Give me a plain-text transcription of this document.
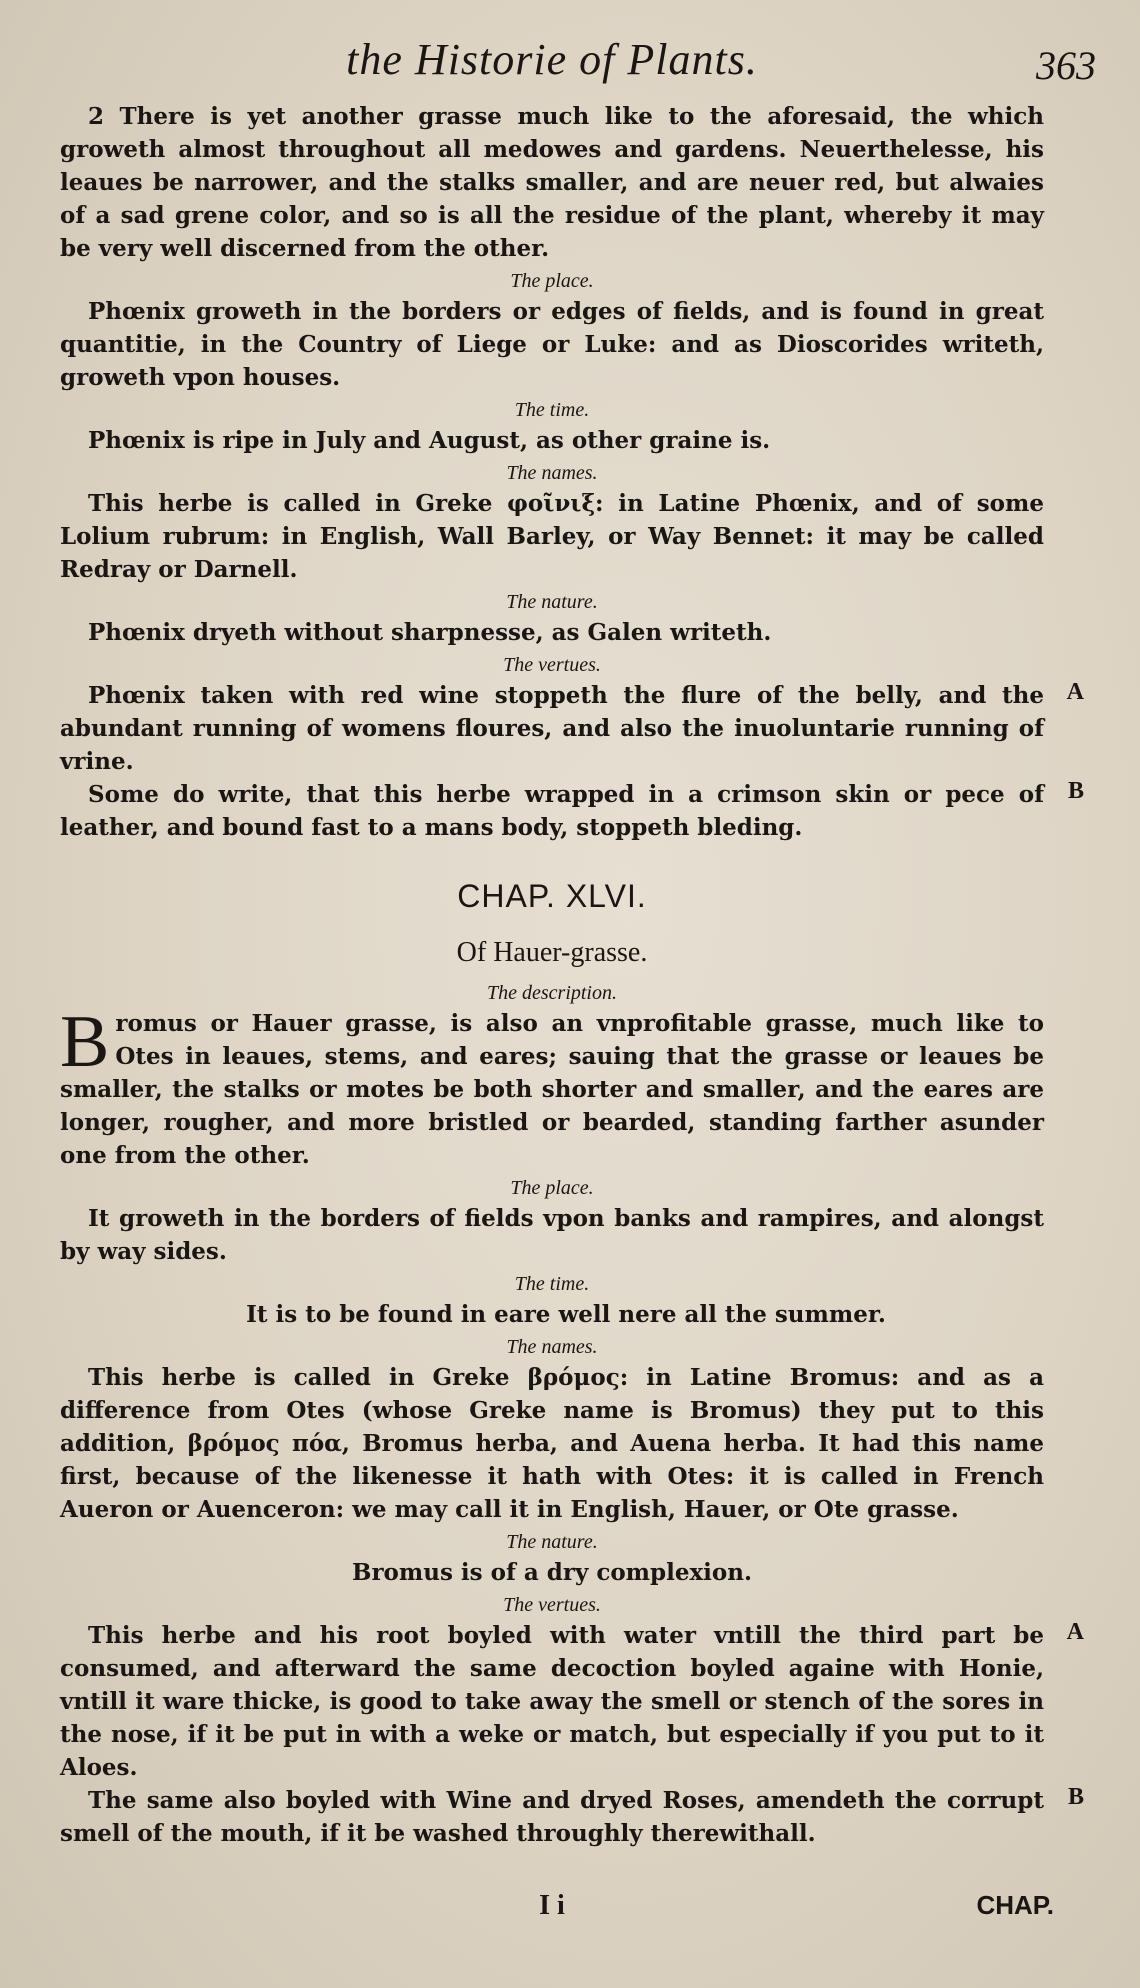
the Historie of Plants.	363

2 There is yet another grasse much like to the aforesaid, the which groweth almost throughout all medowes and gardens. Neuerthelesse, his leaues be narrower, and the stalks smaller, and are neuer red, but alwaies of a sad grene color, and so is all the residue of the plant, whereby it may be very well discerned from the other.

The place.

Phœnix groweth in the borders or edges of fields, and is found in great quantitie, in the Country of Liege or Luke: and as Dioscorides writeth, groweth vpon houses.

The time.

Phœnix is ripe in July and August, as other graine is.

The names.

This herbe is called in Greke φοῖνιξ: in Latine Phœnix, and of some Lolium rubrum: in English, Wall Barley, or Way Bennet: it may be called Redray or Darnell.

The nature.

Phœnix dryeth without sharpnesse, as Galen writeth.

The vertues.

Phœnix taken with red wine stoppeth the flure of the belly, and the abundant running of womens floures, and also the inuoluntarie running of vrine.

A

Some do write, that this herbe wrapped in a crimson skin or pece of leather, and bound fast to a mans body, stoppeth bleding.

B
CHAP. XLVI.
Of Hauer-grasse.
The description.

Bromus or Hauer grasse, is also an vnprofitable grasse, much like to Otes in leaues, stems, and eares; sauing that the grasse or leaues be smaller, the stalks or motes be both shorter and smaller, and the eares are longer, rougher, and more bristled or bearded, standing farther asunder one from the other.

The place.

It groweth in the borders of fields vpon banks and rampires, and alongst by way sides.

The time.

It is to be found in eare well nere all the summer.

The names.

This herbe is called in Greke βρόμος: in Latine Bromus: and as a difference from Otes (whose Greke name is Bromus) they put to this addition, βρόμος πόα, Bromus herba, and Auena herba. It had this name first, because of the likenesse it hath with Otes: it is called in French Aueron or Auenceron: we may call it in English, Hauer, or Ote grasse.

The nature.

Bromus is of a dry complexion.

The vertues.

This herbe and his root boyled with water vntill the third part be consumed, and afterward the same decoction boyled againe with Honie, vntill it ware thicke, is good to take away the smell or stench of the sores in the nose, if it be put in with a weke or match, but especially if you put to it Aloes.

A

The same also boyled with Wine and dryed Roses, amendeth the corrupt smell of the mouth, if it be washed throughly therewithall.

B
I i	CHAP.
